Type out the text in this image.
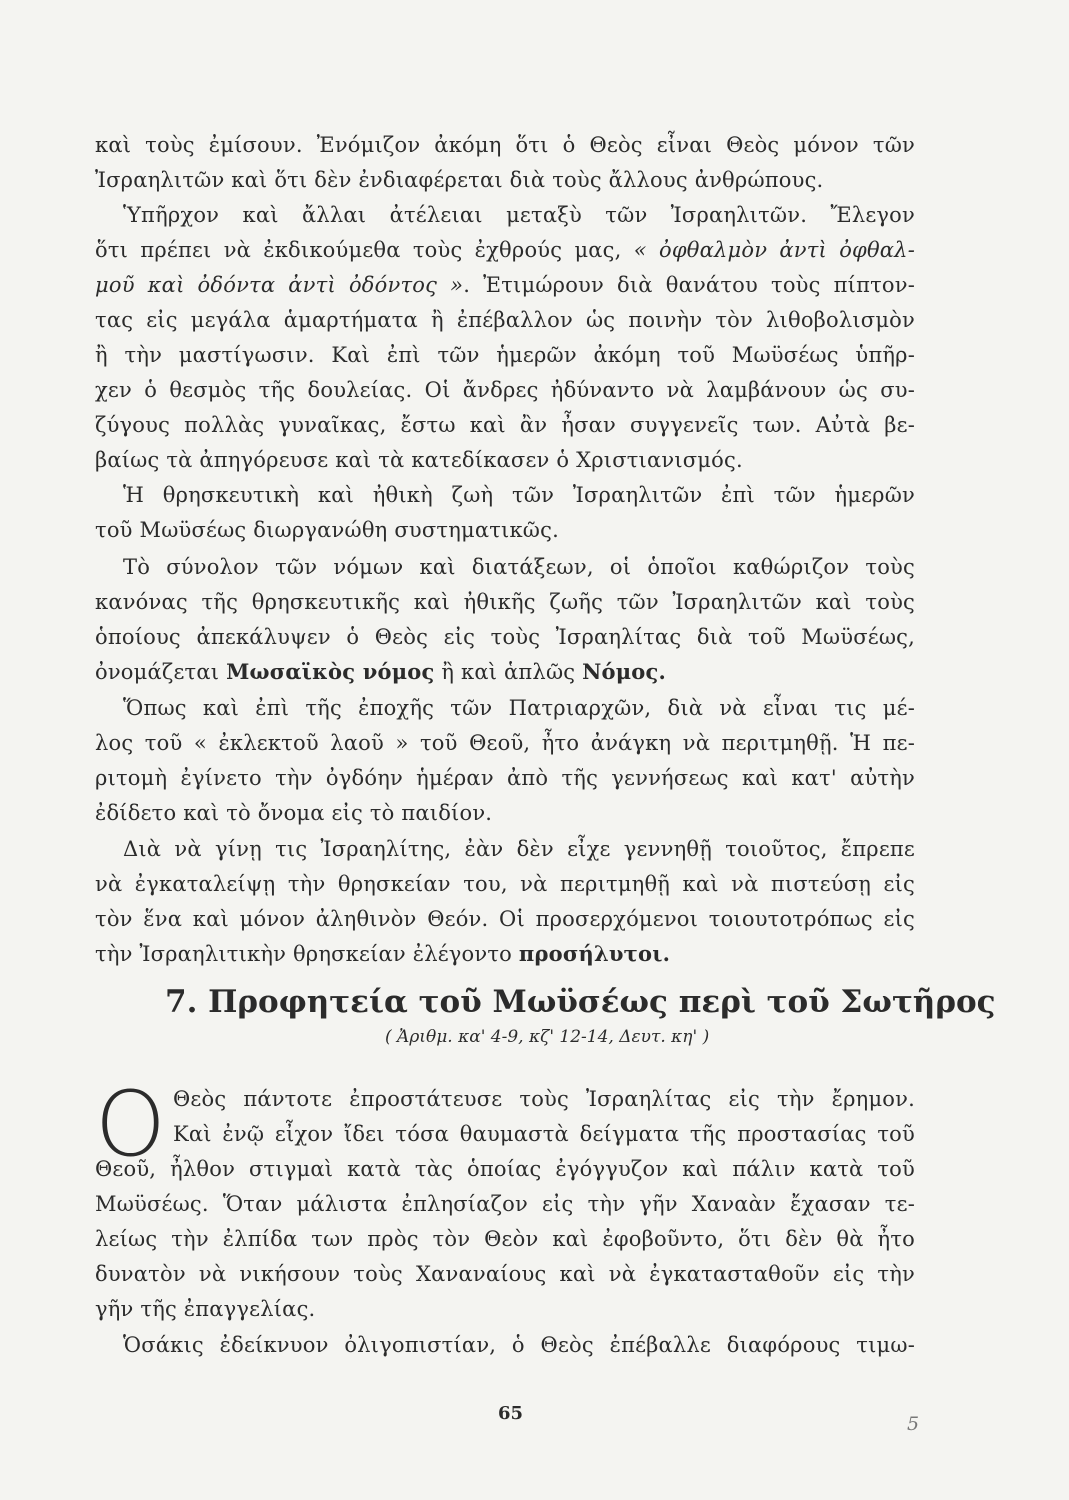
καὶ τοὺς ἐμίσουν. Ἐνόμιζον ἀκόμη ὅτι ὁ Θεὸς εἶναι Θεὸς μόνον τῶν
Ἰσραηλιτῶν καὶ ὅτι δὲν ἐνδιαφέρεται διὰ τοὺς ἄλλους ἀνθρώπους.
Ὑπῆρχον καὶ ἄλλαι ἀτέλειαι μεταξὺ τῶν Ἰσραηλιτῶν. Ἔλεγον
ὅτι πρέπει νὰ ἐκδικούμεθα τοὺς ἐχθρούς μας, « ὀφθαλμὸν ἀντὶ ὀφθαλ-
μοῦ καὶ ὀδόντα ἀντὶ ὀδόντος ». Ἐτιμώρουν διὰ θανάτου τοὺς πίπτον-
τας εἰς μεγάλα ἁμαρτήματα ἢ ἐπέβαλλον ὡς ποινὴν τὸν λιθοβολισμὸν
ἢ τὴν μαστίγωσιν. Καὶ ἐπὶ τῶν ἡμερῶν ἀκόμη τοῦ Μωϋσέως ὑπῆρ-
χεν ὁ θεσμὸς τῆς δουλείας. Οἱ ἄνδρες ἠδύναντο νὰ λαμβάνουν ὡς συ-
ζύγους πολλὰς γυναῖκας, ἔστω καὶ ἂν ἦσαν συγγενεῖς των. Αὐτὰ βε-
βαίως τὰ ἀπηγόρευσε καὶ τὰ κατεδίκασεν ὁ Χριστιανισμός.
Ἡ θρησκευτικὴ καὶ ἠθικὴ ζωὴ τῶν Ἰσραηλιτῶν ἐπὶ τῶν ἡμερῶν
τοῦ Μωϋσέως διωργανώθη συστηματικῶς.
Τὸ σύνολον τῶν νόμων καὶ διατάξεων, οἱ ὁποῖοι καθώριζον τοὺς
κανόνας τῆς θρησκευτικῆς καὶ ἠθικῆς ζωῆς τῶν Ἰσραηλιτῶν καὶ τοὺς
ὁποίους ἀπεκάλυψεν ὁ Θεὸς εἰς τοὺς Ἰσραηλίτας διὰ τοῦ Μωϋσέως,
ὀνομάζεται Μωσαϊκὸς νόμος ἢ καὶ ἁπλῶς Νόμος.
Ὅπως καὶ ἐπὶ τῆς ἐποχῆς τῶν Πατριαρχῶν, διὰ νὰ εἶναι τις μέ-
λος τοῦ « ἐκλεκτοῦ λαοῦ » τοῦ Θεοῦ, ἦτο ἀνάγκη νὰ περιτμηθῇ. Ἡ πε-
ριτομὴ ἐγίνετο τὴν ὀγδόην ἡμέραν ἀπὸ τῆς γεννήσεως καὶ κατ' αὐτὴν
ἐδίδετο καὶ τὸ ὄνομα εἰς τὸ παιδίον.
Διὰ νὰ γίνῃ τις Ἰσραηλίτης, ἐὰν δὲν εἶχε γεννηθῇ τοιοῦτος, ἔπρεπε
νὰ ἐγκαταλείψῃ τὴν θρησκείαν του, νὰ περιτμηθῇ καὶ νὰ πιστεύσῃ εἰς
τὸν ἕνα καὶ μόνον ἀληθινὸν Θεόν. Οἱ προσερχόμενοι τοιουτοτρόπως εἰς
τὴν Ἰσραηλιτικὴν θρησκείαν ἐλέγοντο προσήλυτοι.
7. Προφητεία τοῦ Μωϋσέως περὶ τοῦ Σωτῆρος
( Ἀριθμ. κα' 4-9, κζ' 12-14, Δευτ. κη' )
Ο Θεὸς πάντοτε ἐπροστάτευσε τοὺς Ἰσραηλίτας εἰς τὴν ἔρημον.
Καὶ ἐνῷ εἶχον ἴδει τόσα θαυμαστὰ δείγματα τῆς προστασίας τοῦ
Θεοῦ, ἦλθον στιγμαὶ κατὰ τὰς ὁποίας ἐγόγγυζον καὶ πάλιν κατὰ τοῦ
Μωϋσέως. Ὅταν μάλιστα ἐπλησίαζον εἰς τὴν γῆν Χαναὰν ἔχασαν τε-
λείως τὴν ἐλπίδα των πρὸς τὸν Θεὸν καὶ ἐφοβοῦντο, ὅτι δὲν θὰ ἦτο
δυνατὸν νὰ νικήσουν τοὺς Χαναναίους καὶ νὰ ἐγκατασταθοῦν εἰς τὴν
γῆν τῆς ἐπαγγελίας.
Ὁσάκις ἐδείκνυον ὀλιγοπιστίαν, ὁ Θεὸς ἐπέβαλλε διαφόρους τιμω-
65	5
